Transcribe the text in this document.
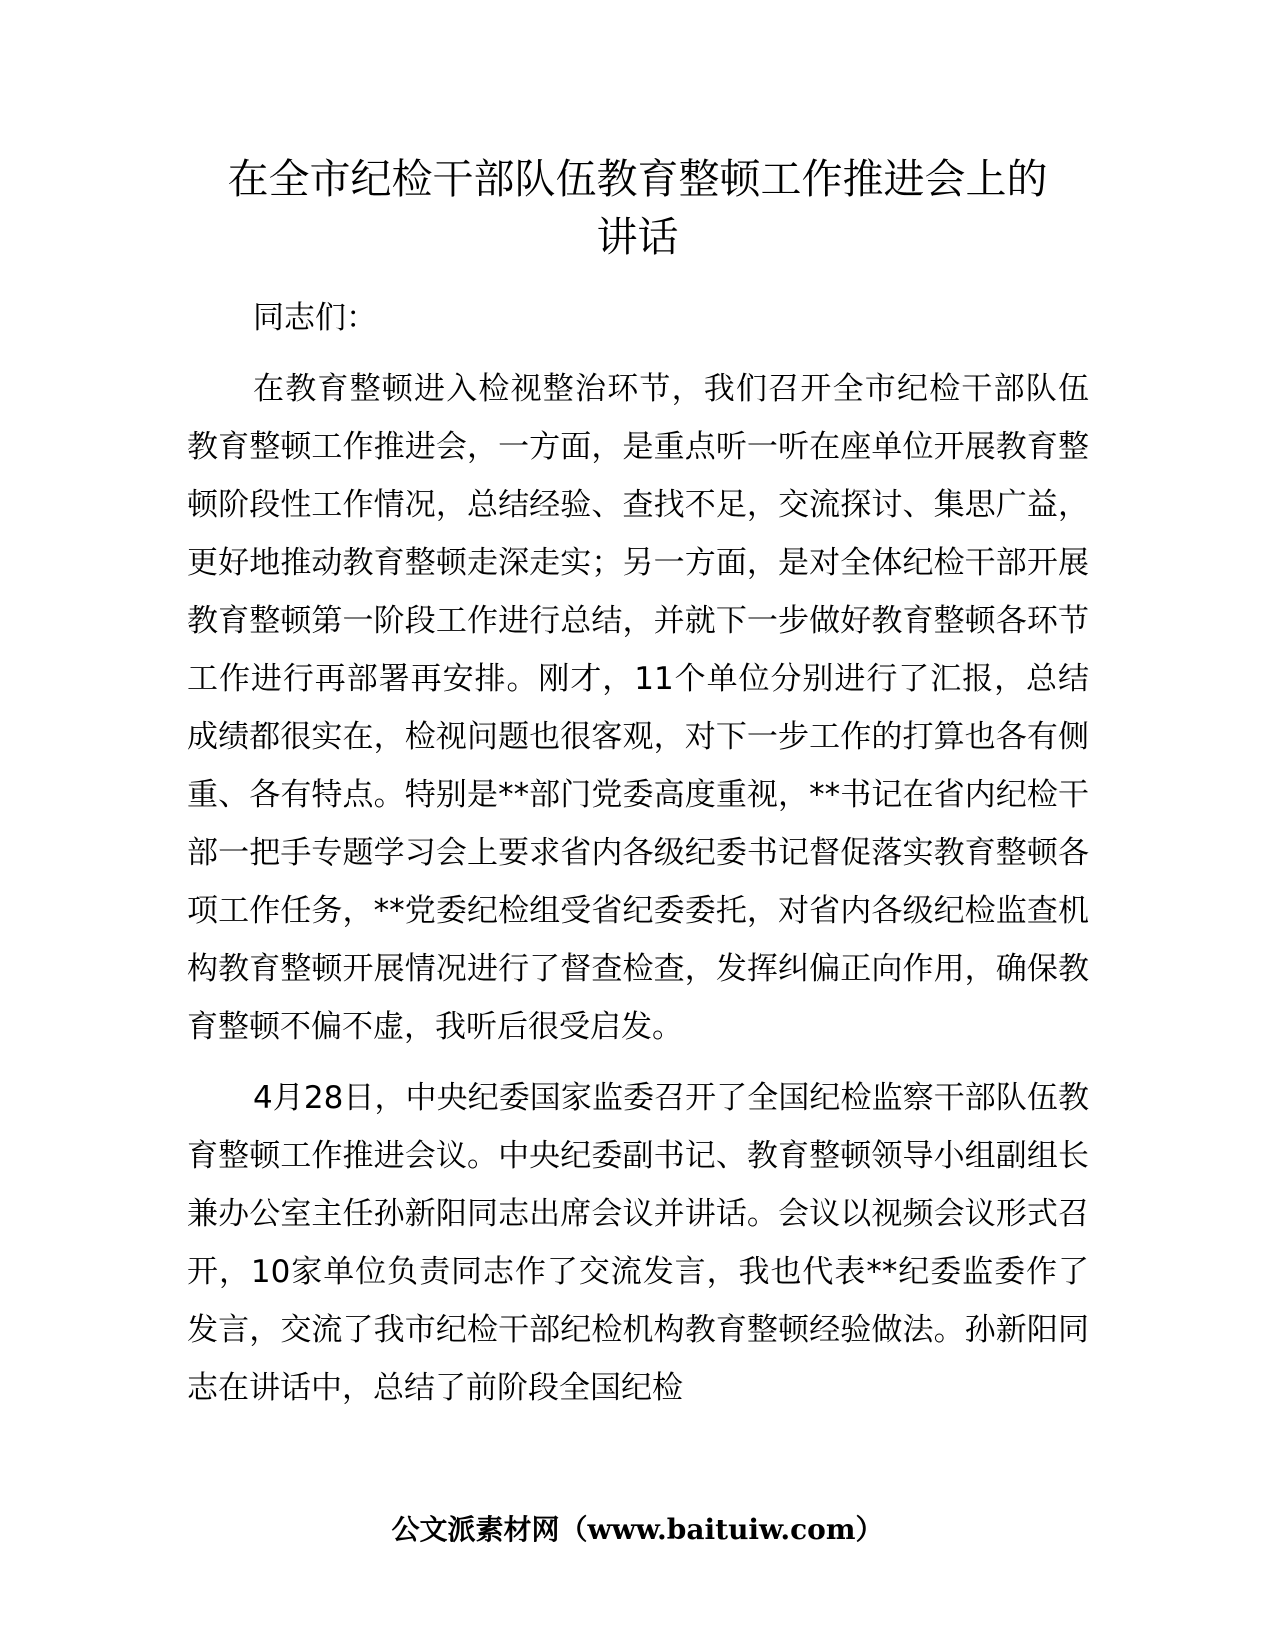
在全市纪检干部队伍教育整顿工作推进会上的
讲话

同志们：

在教育整顿进入检视整治环节，我们召开全市纪检干部队伍教育整顿工作推进会，一方面，是重点听一听在座单位开展教育整顿阶段性工作情况，总结经验、查找不足，交流探讨、集思广益，更好地推动教育整顿走深走实；另一方面，是对全体纪检干部开展教育整顿第一阶段工作进行总结，并就下一步做好教育整顿各环节工作进行再部署再安排。刚才，11个单位分别进行了汇报，总结成绩都很实在，检视问题也很客观，对下一步工作的打算也各有侧重、各有特点。特别是**部门党委高度重视，**书记在省内纪检干部一把手专题学习会上要求省内各级纪委书记督促落实教育整顿各项工作任务，**党委纪检组受省纪委委托，对省内各级纪检监查机构教育整顿开展情况进行了督查检查，发挥纠偏正向作用，确保教育整顿不偏不虚，我听后很受启发。

4月28日，中央纪委国家监委召开了全国纪检监察干部队伍教育整顿工作推进会议。中央纪委副书记、教育整顿领导小组副组长兼办公室主任孙新阳同志出席会议并讲话。会议以视频会议形式召开，10家单位负责同志作了交流发言，我也代表**纪委监委作了发言，交流了我市纪检干部纪检机构教育整顿经验做法。孙新阳同志在讲话中，总结了前阶段全国纪检

公文派素材网（www.baituiw.com）
